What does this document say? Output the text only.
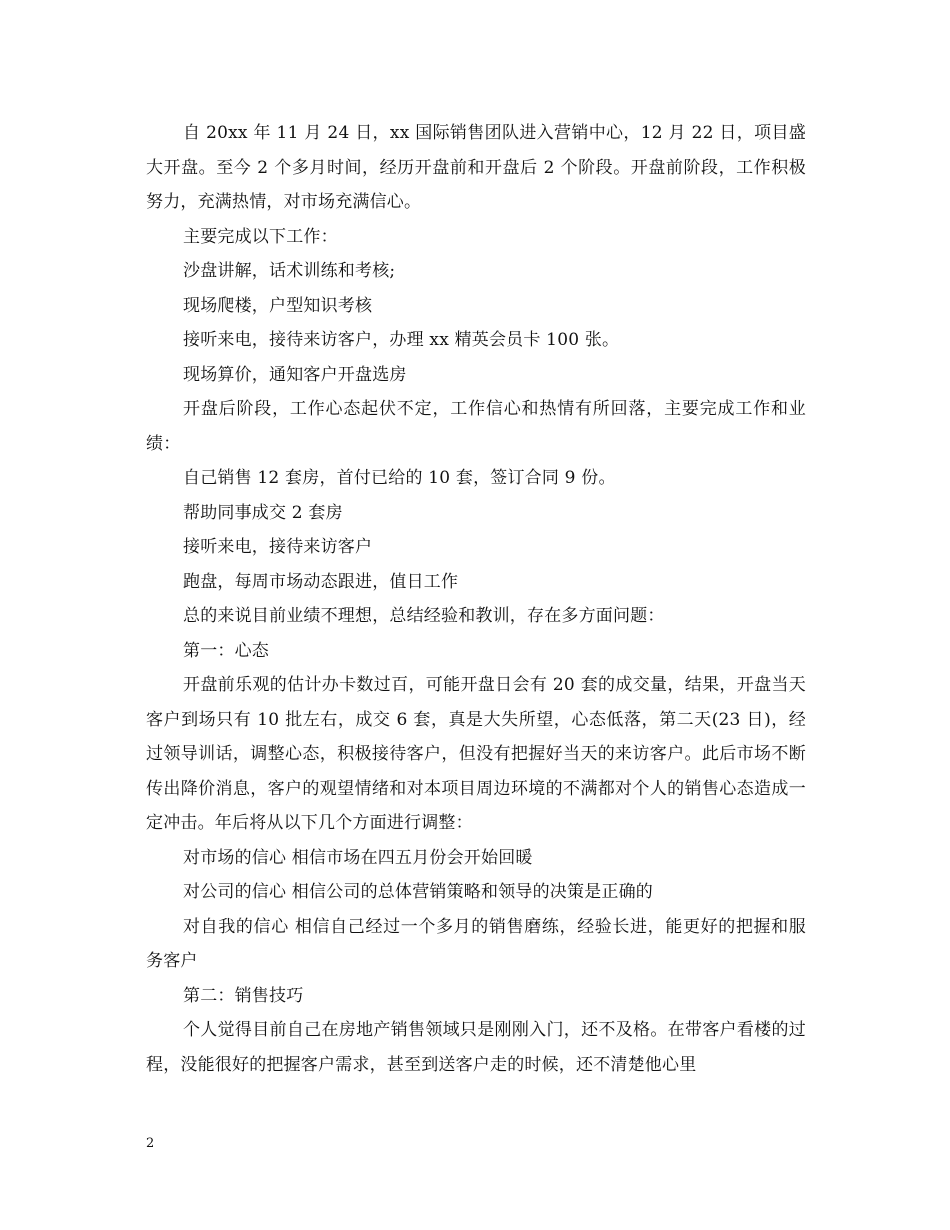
自 20xx 年 11 月 24 日，xx 国际销售团队进入营销中心，12 月 22 日，项目盛大开盘。至今 2 个多月时间，经历开盘前和开盘后 2 个阶段。开盘前阶段，工作积极努力，充满热情，对市场充满信心。

主要完成以下工作：

沙盘讲解，话术训练和考核;

现场爬楼，户型知识考核

接听来电，接待来访客户，办理 xx 精英会员卡 100 张。

现场算价，通知客户开盘选房

开盘后阶段，工作心态起伏不定，工作信心和热情有所回落，主要完成工作和业绩：

自己销售 12 套房，首付已给的 10 套，签订合同 9 份。

帮助同事成交 2 套房

接听来电，接待来访客户

跑盘，每周市场动态跟进，值日工作

总的来说目前业绩不理想，总结经验和教训，存在多方面问题：

第一：心态

开盘前乐观的估计办卡数过百，可能开盘日会有 20 套的成交量，结果，开盘当天客户到场只有 10 批左右，成交 6 套，真是大失所望，心态低落，第二天(23 日)，经过领导训话，调整心态，积极接待客户，但没有把握好当天的来访客户。此后市场不断传出降价消息，客户的观望情绪和对本项目周边环境的不满都对个人的销售心态造成一定冲击。年后将从以下几个方面进行调整：

对市场的信心 相信市场在四五月份会开始回暖

对公司的信心 相信公司的总体营销策略和领导的决策是正确的

对自我的信心 相信自己经过一个多月的销售磨练，经验长进，能更好的把握和服务客户

第二：销售技巧

个人觉得目前自己在房地产销售领域只是刚刚入门，还不及格。在带客户看楼的过程，没能很好的把握客户需求，甚至到送客户走的时候，还不清楚他心里

2
